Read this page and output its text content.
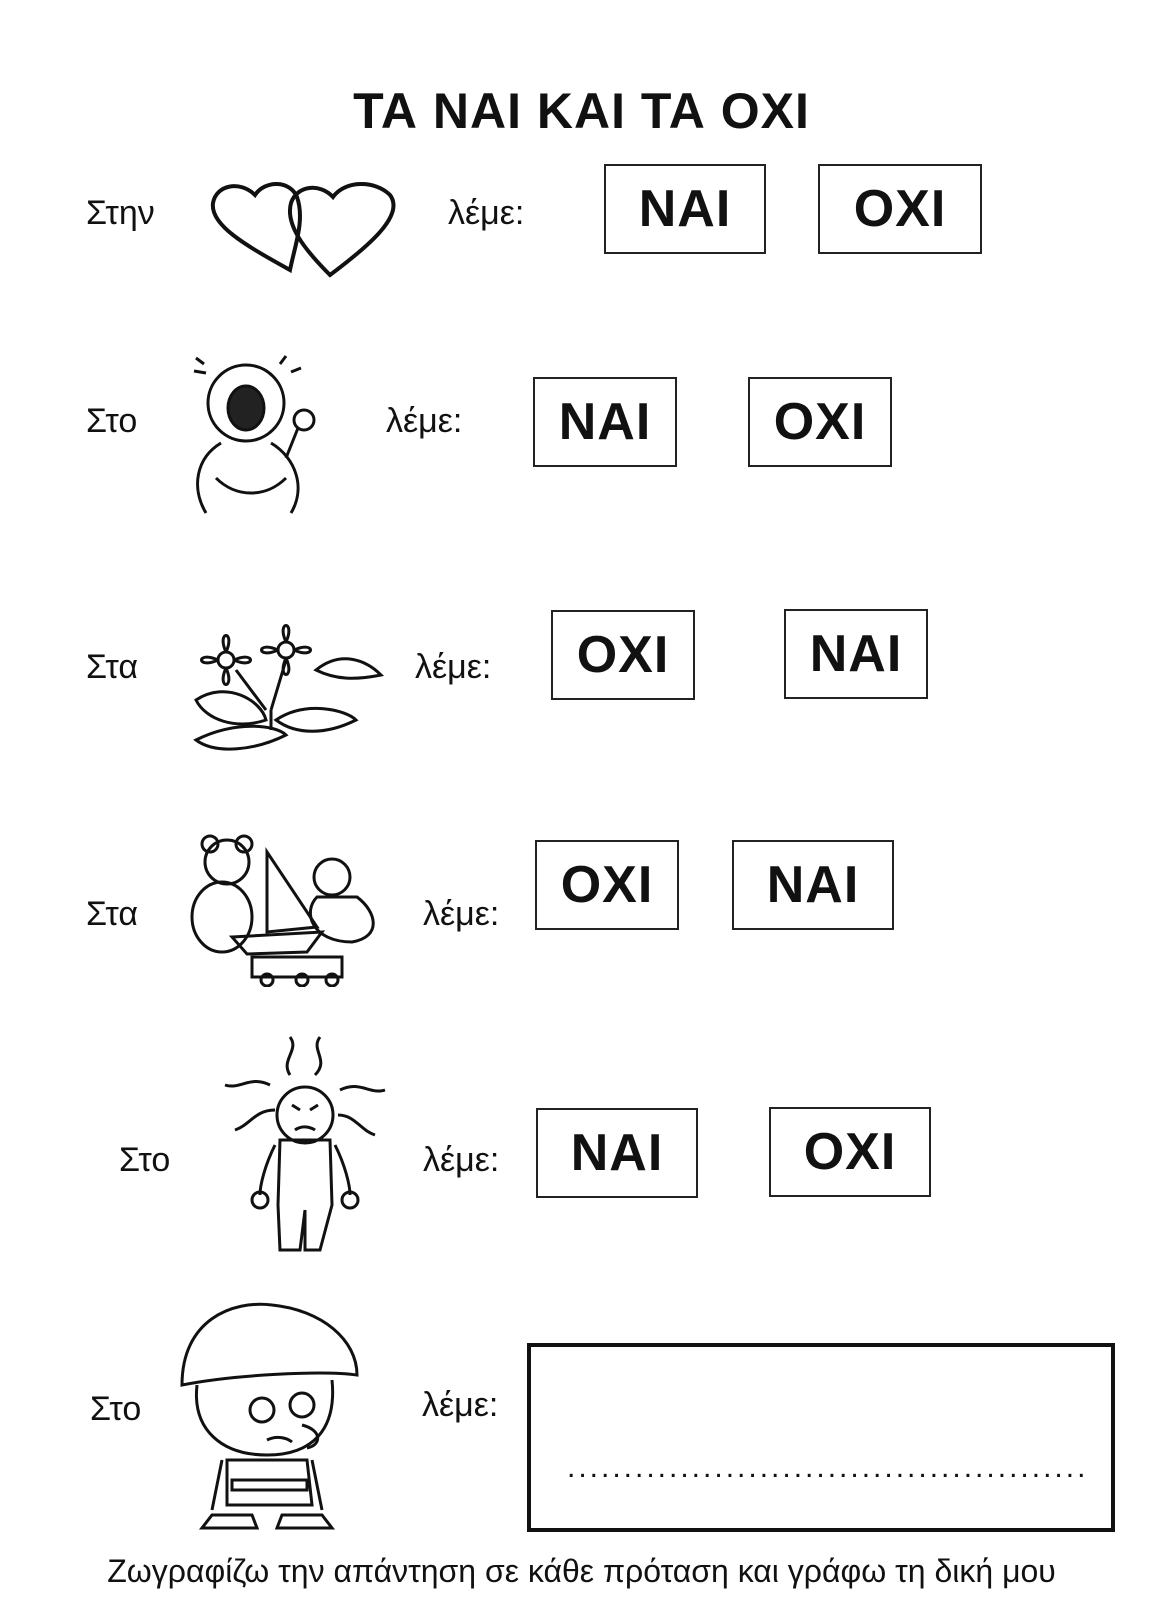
ΤΑ ΝΑΙ ΚΑΙ ΤΑ ΟΧΙ
Στην	λέμε:	ΝΑΙ	ΟΧΙ
Στο	λέμε:	ΝΑΙ	ΟΧΙ
Στα	λέμε:	ΟΧΙ	ΝΑΙ
Στα	λέμε:	ΟΧΙ	ΝΑΙ
Στο	λέμε:	ΝΑΙ	ΟΧΙ
Στο	λέμε:
..............................................
Ζωγραφίζω την απάντηση σε κάθε πρόταση και γράφω τη δική μου
